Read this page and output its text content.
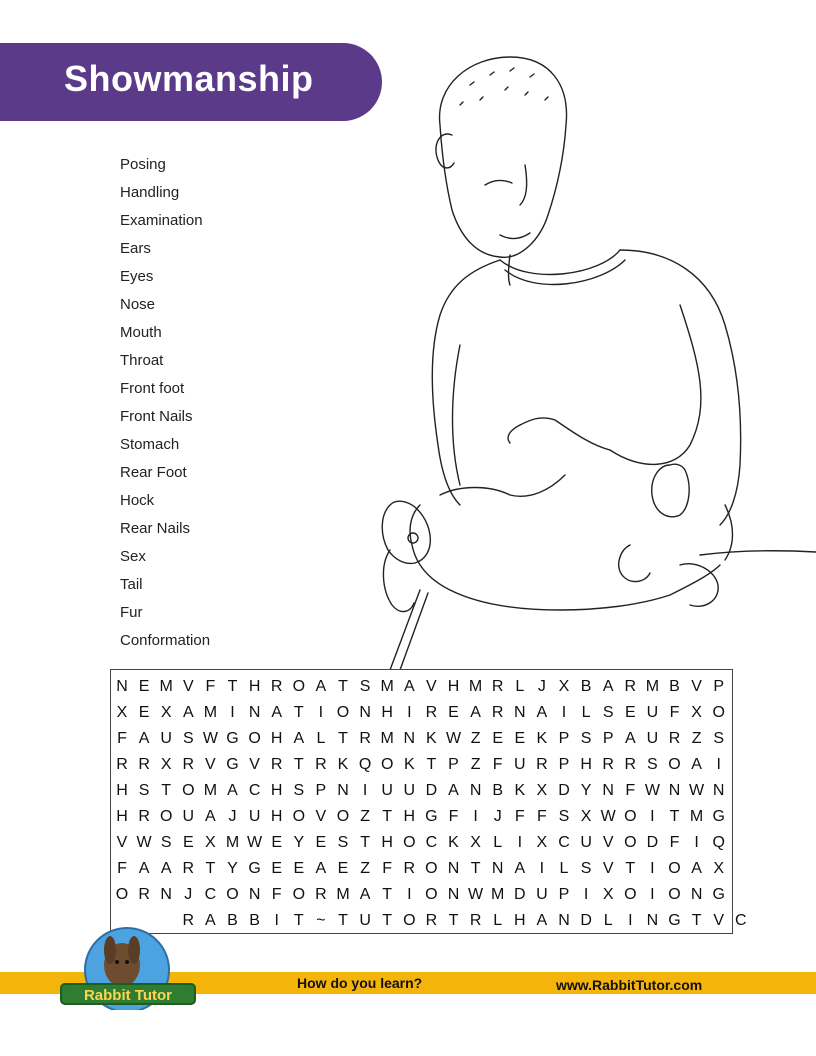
Showmanship
Posing
Handling
Examination
Ears
Eyes
Nose
Mouth
Throat
Front foot
Front Nails
Stomach
Rear Foot
Hock
Rear Nails
Sex
Tail
Fur
Conformation
N E M V F T H R O A T S M A V H M R L J X B A R M B V P
X E X A M I N A T I O N H I R E A R N A I L S E U F X O
F A U S W G O H A L T R M N K W Z E E K P S P A U R Z S
R R X R V G V R T R K Q O K T P Z F U R P H R R S O A I
H S T O M A C H S P N I U U D A N B K X D Y N F W N W N
H R O U A J U H O V O Z T H G F I J F F S X W O I T M G
V W S E X M W E Y E S T H O C K X L I X C U V O D F I Q
F A A R T Y G E E A E Z F R O N T N A I L S V T I O A X
O R N J C O N F O R M A T I O N W M D U P I X O I O N G
R A B B I T ~ T U T O R T R L H A N D L I N G T V C
How do you learn?	www.RabbitTutor.com
Rabbit Tutor
